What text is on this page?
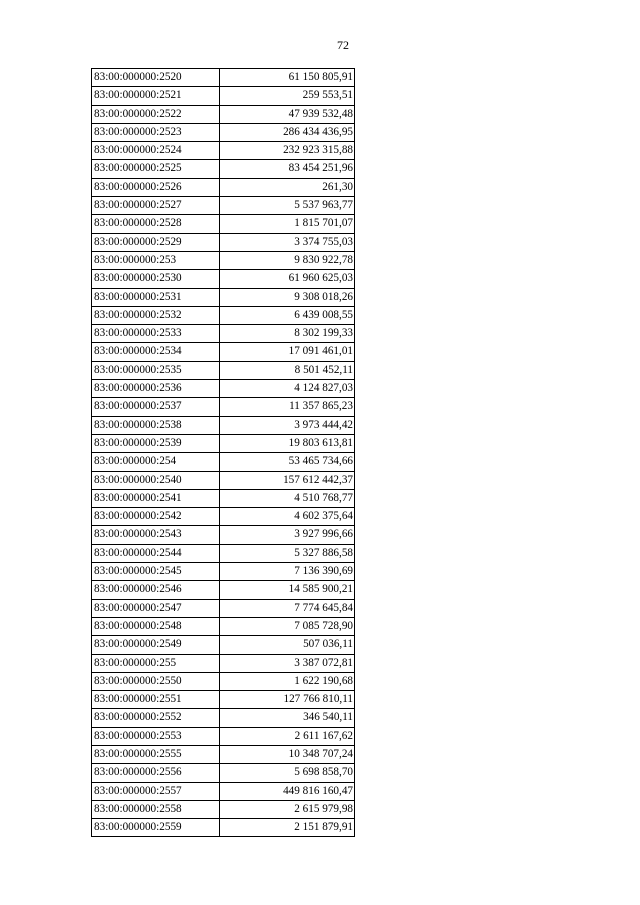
72
83:00:000000:2520	61 150 805,91
83:00:000000:2521	259 553,51
83:00:000000:2522	47 939 532,48
83:00:000000:2523	286 434 436,95
83:00:000000:2524	232 923 315,88
83:00:000000:2525	83 454 251,96
83:00:000000:2526	261,30
83:00:000000:2527	5 537 963,77
83:00:000000:2528	1 815 701,07
83:00:000000:2529	3 374 755,03
83:00:000000:253	9 830 922,78
83:00:000000:2530	61 960 625,03
83:00:000000:2531	9 308 018,26
83:00:000000:2532	6 439 008,55
83:00:000000:2533	8 302 199,33
83:00:000000:2534	17 091 461,01
83:00:000000:2535	8 501 452,11
83:00:000000:2536	4 124 827,03
83:00:000000:2537	11 357 865,23
83:00:000000:2538	3 973 444,42
83:00:000000:2539	19 803 613,81
83:00:000000:254	53 465 734,66
83:00:000000:2540	157 612 442,37
83:00:000000:2541	4 510 768,77
83:00:000000:2542	4 602 375,64
83:00:000000:2543	3 927 996,66
83:00:000000:2544	5 327 886,58
83:00:000000:2545	7 136 390,69
83:00:000000:2546	14 585 900,21
83:00:000000:2547	7 774 645,84
83:00:000000:2548	7 085 728,90
83:00:000000:2549	507 036,11
83:00:000000:255	3 387 072,81
83:00:000000:2550	1 622 190,68
83:00:000000:2551	127 766 810,11
83:00:000000:2552	346 540,11
83:00:000000:2553	2 611 167,62
83:00:000000:2555	10 348 707,24
83:00:000000:2556	5 698 858,70
83:00:000000:2557	449 816 160,47
83:00:000000:2558	2 615 979,98
83:00:000000:2559	2 151 879,91
